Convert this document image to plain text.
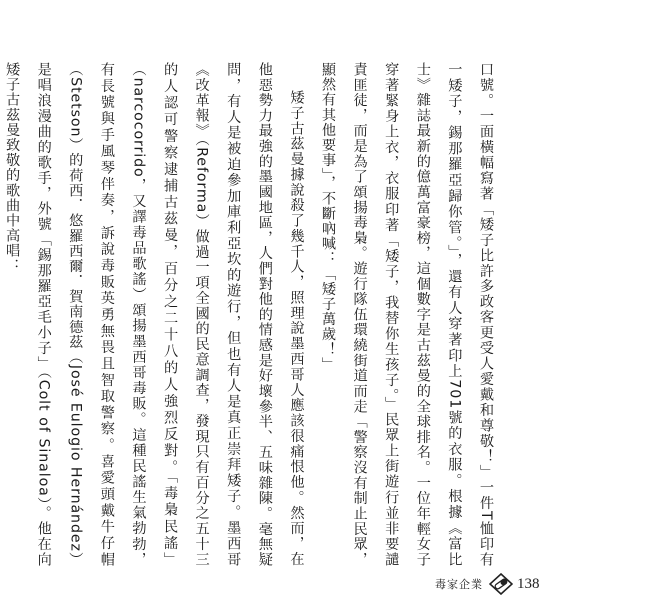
口號。一面橫幅寫著「矮子比許多政客更受人愛戴和尊敬！」一件T恤印有一矮子，錫那羅亞歸你管。」，還有人穿著印上701號的衣服。根據《富比士》雜誌最新的億萬富豪榜，這個數字是古茲曼的全球排名。一位年輕女子穿著緊身上衣，衣服印著「矮子，我替你生孩子。」民眾上街遊行並非要譴責匪徒，而是為了頌揚毒梟。遊行隊伍環繞街道而走「警察沒有制止民眾，顯然有其他要事」，不斷吶喊：「矮子萬歲！」

矮子古茲曼據說殺了幾千人，照理說墨西哥人應該很痛恨他。然而，在他惡勢力最強的墨國地區，人們對他的情感是好壞參半、五味雜陳。毫無疑問，有人是被迫參加庫利亞坎的遊行，但也有人是真正崇拜矮子。墨西哥《改革報》（Reforma）做過一項全國的民意調查，發現只有百分之五十三的人認可警察逮捕古茲曼，百分之二十八的人強烈反對。「毒梟民謠」（narcocorrido，又譯毒品歌謠）頌揚墨西哥毒販。這種民謠生氣勃勃，有長號與手風琴伴奏，訴說毒販英勇無畏且智取警察。喜愛頭戴牛仔帽（Stetson）的荷西．悠羅西爾．賀南德茲（José Eulogio Hernández）是唱浪漫曲的歌手，外號「錫那羅亞毛小子」（Colt of Sinaloa）。他在向矮子古茲曼致敬的歌曲中高唱：

毒家企業 138
